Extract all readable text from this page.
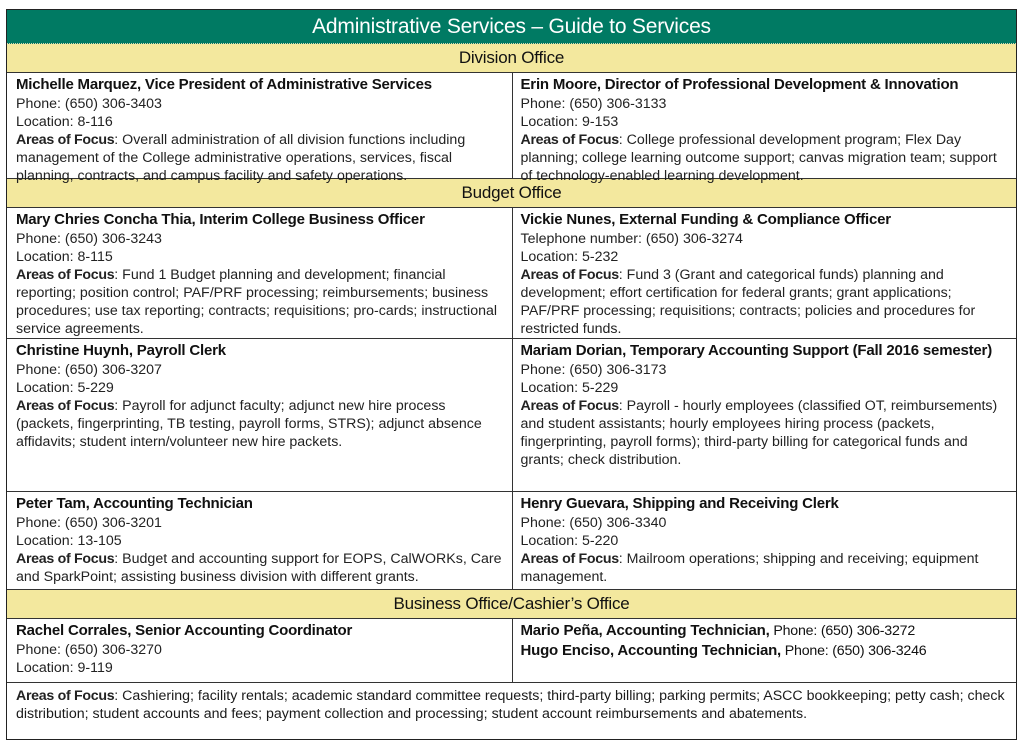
Administrative Services – Guide to Services
Division Office
Michelle Marquez, Vice President of Administrative Services
Phone: (650) 306-3403
Location: 8-116
Areas of Focus: Overall administration of all division functions including management of the College administrative operations, services, fiscal planning, contracts, and campus facility and safety operations.
Erin Moore, Director of Professional Development & Innovation
Phone: (650) 306-3133
Location: 9-153
Areas of Focus: College professional development program; Flex Day planning; college learning outcome support; canvas migration team; support of technology-enabled learning development.
Budget Office
Mary Chries Concha Thia, Interim College Business Officer
Phone: (650) 306-3243
Location: 8-115
Areas of Focus: Fund 1 Budget planning and development; financial reporting; position control; PAF/PRF processing; reimbursements; business procedures; use tax reporting; contracts; requisitions; pro-cards; instructional service agreements.
Vickie Nunes, External Funding & Compliance Officer
Telephone number: (650) 306-3274
Location: 5-232
Areas of Focus: Fund 3 (Grant and categorical funds) planning and development; effort certification for federal grants; grant applications; PAF/PRF processing; requisitions; contracts; policies and procedures for restricted funds.
Christine Huynh, Payroll Clerk
Phone: (650) 306-3207
Location: 5-229
Areas of Focus: Payroll for adjunct faculty; adjunct new hire process (packets, fingerprinting, TB testing, payroll forms, STRS); adjunct absence affidavits; student intern/volunteer new hire packets.
Mariam Dorian, Temporary Accounting Support (Fall 2016 semester)
Phone: (650) 306-3173
Location: 5-229
Areas of Focus: Payroll - hourly employees (classified OT, reimbursements) and student assistants; hourly employees hiring process (packets, fingerprinting, payroll forms); third-party billing for categorical funds and grants; check distribution.
Peter Tam, Accounting Technician
Phone: (650) 306-3201
Location: 13-105
Areas of Focus: Budget and accounting support for EOPS, CalWORKs, Care and SparkPoint; assisting business division with different grants.
Henry Guevara, Shipping and Receiving Clerk
Phone: (650) 306-3340
Location: 5-220
Areas of Focus: Mailroom operations; shipping and receiving; equipment management.
Business Office/Cashier’s Office
Rachel Corrales, Senior Accounting Coordinator
Phone: (650) 306-3270
Location: 9-119
Mario Peña, Accounting Technician, Phone: (650) 306-3272
Hugo Enciso, Accounting Technician, Phone: (650) 306-3246
Areas of Focus: Cashiering; facility rentals; academic standard committee requests; third-party billing; parking permits; ASCC bookkeeping; petty cash; check distribution; student accounts and fees; payment collection and processing; student account reimbursements and abatements.
